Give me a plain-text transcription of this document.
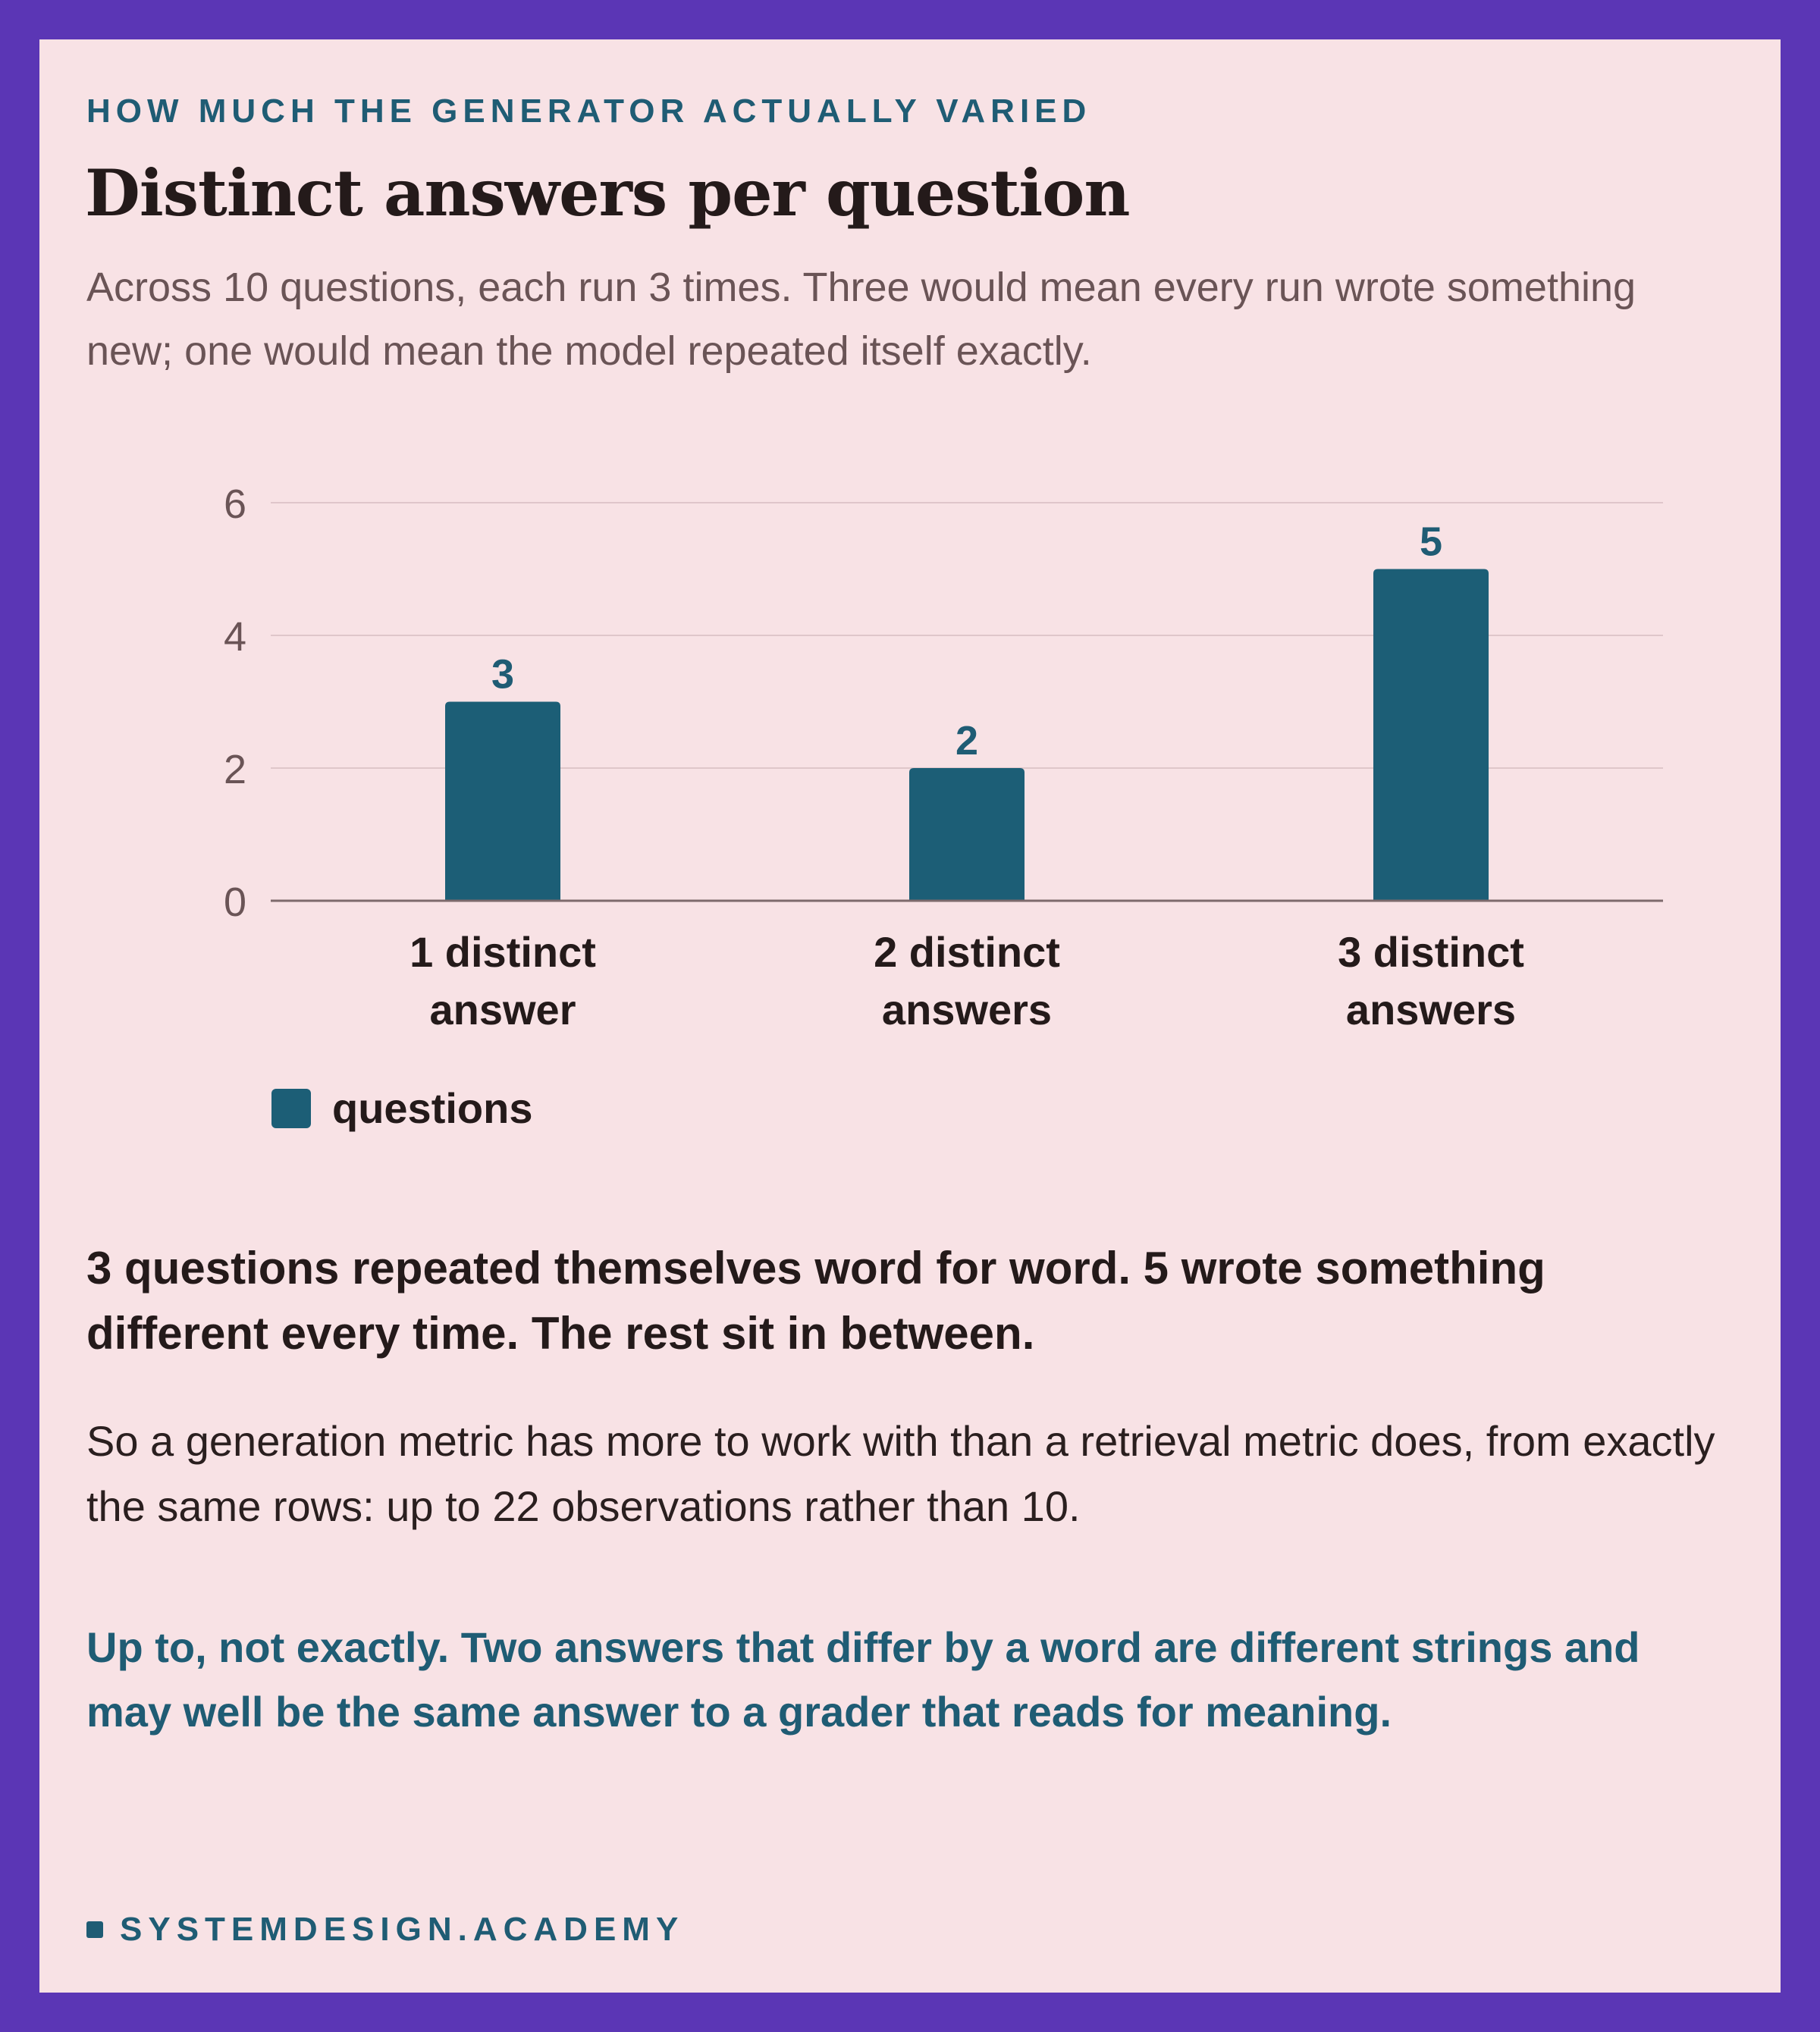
HOW MUCH THE GENERATOR ACTUALLY VARIED
Distinct answers per question
Across 10 questions, each run 3 times. Three would mean every run wrote something new; one would mean the model repeated itself exactly.
0
2
4
6
3
1 distinct
answer
2
2 distinct
answers
5
3 distinct
answers
questions
3 questions repeated themselves word for word. 5 wrote something different every time. The rest sit in between.
So a generation metric has more to work with than a retrieval metric does, from exactly the same rows: up to 22 observations rather than 10.
Up to, not exactly. Two answers that differ by a word are different strings and may well be the same answer to a grader that reads for meaning.
SYSTEMDESIGN.ACADEMY
